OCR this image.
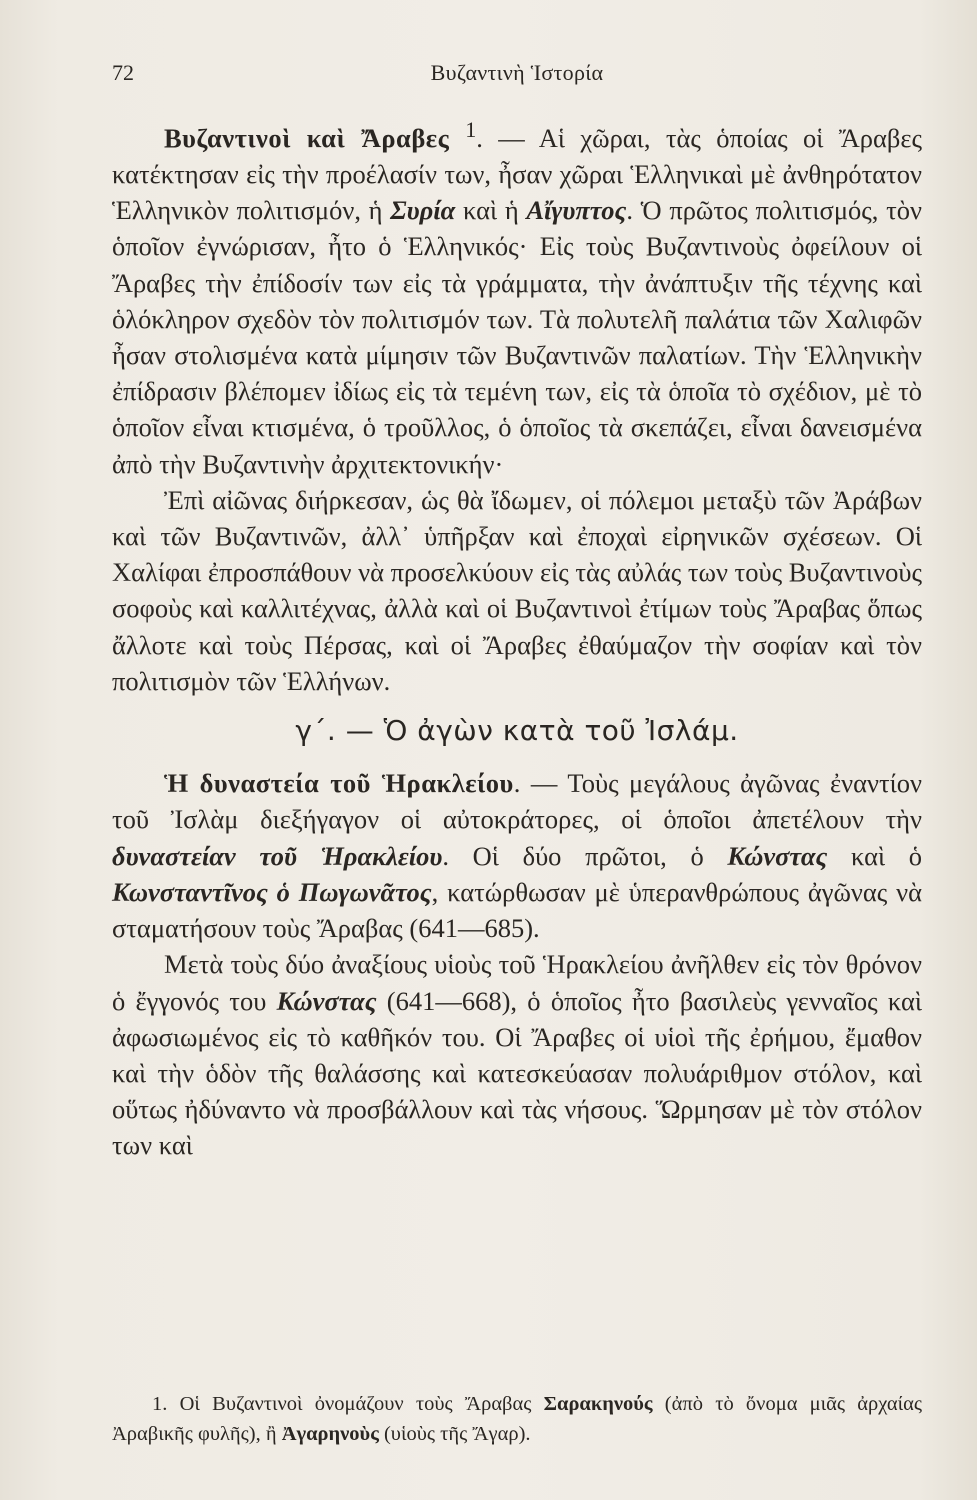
72	Βυζαντινὴ Ἱστορία

Βυζαντινοὶ καὶ Ἄραβες $^1$. — Αἱ χῶραι, τὰς ὁποίας οἱ Ἄραβες κατέκτησαν εἰς τὴν προέλασίν των, ἦσαν χῶραι Ἑλληνικαὶ μὲ ἀνθηρότατον Ἑλληνικὸν πολιτισμόν, ἡ Συρία καὶ ἡ Αἴγυπτος. Ὁ πρῶτος πολιτισμός, τὸν ὁποῖον ἐγνώρισαν, ἦτο ὁ Ἑλληνικός· Εἰς τοὺς Βυζαντινοὺς ὀφείλουν οἱ Ἄραβες τὴν ἐπίδοσίν των εἰς τὰ γράμματα, τὴν ἀνάπτυξιν τῆς τέχνης καὶ ὁλόκληρον σχεδὸν τὸν πολιτισμόν των. Τὰ πολυτελῆ παλάτια τῶν Χαλιφῶν ἦσαν στολισμένα κατὰ μίμησιν τῶν Βυζαντινῶν παλατίων. Τὴν Ἑλληνικὴν ἐπίδρασιν βλέπομεν ἰδίως εἰς τὰ τεμένη των, εἰς τὰ ὁποῖα τὸ σχέδιον, μὲ τὸ ὁποῖον εἶναι κτισμένα, ὁ τροῦλλος, ὁ ὁποῖος τὰ σκεπάζει, εἶναι δανεισμένα ἀπὸ τὴν Βυζαντινὴν ἀρχιτεκτονικήν·

Ἐπὶ αἰῶνας διήρκεσαν, ὡς θὰ ἴδωμεν, οἱ πόλεμοι μεταξὺ τῶν Ἀράβων καὶ τῶν Βυζαντινῶν, ἀλλ᾽ ὑπῆρξαν καὶ ἐποχαὶ εἰρηνικῶν σχέσεων. Οἱ Χαλίφαι ἐπροσπάθουν νὰ προσελκύουν εἰς τὰς αὐλάς των τοὺς Βυζαντινοὺς σοφοὺς καὶ καλλιτέχνας, ἀλλὰ καὶ οἱ Βυζαντινοὶ ἐτίμων τοὺς Ἄραβας ὅπως ἄλλοτε καὶ τοὺς Πέρσας, καὶ οἱ Ἄραβες ἐθαύμαζον τὴν σοφίαν καὶ τὸν πολιτισμὸν τῶν Ἑλλήνων.

γ΄. — Ὁ ἀγὼν κατὰ τοῦ Ἰσλάμ.

Ἡ δυναστεία τοῦ Ἡρακλείου. — Τοὺς μεγάλους ἀγῶνας ἐναντίον τοῦ Ἰσλὰμ διεξήγαγον οἱ αὐτοκράτορες, οἱ ὁποῖοι ἀπετέλουν τὴν δυναστείαν τοῦ Ἡρακλείου. Οἱ δύο πρῶτοι, ὁ Κώνστας καὶ ὁ Κωνσταντῖνος ὁ Πωγωνᾶτος, κατώρθωσαν μὲ ὑπερανθρώπους ἀγῶνας νὰ σταματήσουν τοὺς Ἄραβας (641—685).

Μετὰ τοὺς δύο ἀναξίους υἱοὺς τοῦ Ἡρακλείου ἀνῆλθεν εἰς τὸν θρόνον ὁ ἔγγονός του Κώνστας (641—668), ὁ ὁποῖος ἦτο βασιλεὺς γενναῖος καὶ ἀφωσιωμένος εἰς τὸ καθῆκόν του. Οἱ Ἄραβες οἱ υἱοὶ τῆς ἐρήμου, ἔμαθον καὶ τὴν ὁδὸν τῆς θαλάσσης καὶ κατεσκεύασαν πολυάριθμον στόλον, καὶ οὕτως ἠδύναντο νὰ προσβάλλουν καὶ τὰς νήσους. Ὥρμησαν μὲ τὸν στόλον των καὶ

1. Οἱ Βυζαντινοὶ ὀνομάζουν τοὺς Ἄραβας Σαρακηνούς (ἀπὸ τὸ ὄνομα μιᾶς ἀρχαίας Ἀραβικῆς φυλῆς), ἢ Ἀγαρηνοὺς (υἱοὺς τῆς Ἄγαρ).
